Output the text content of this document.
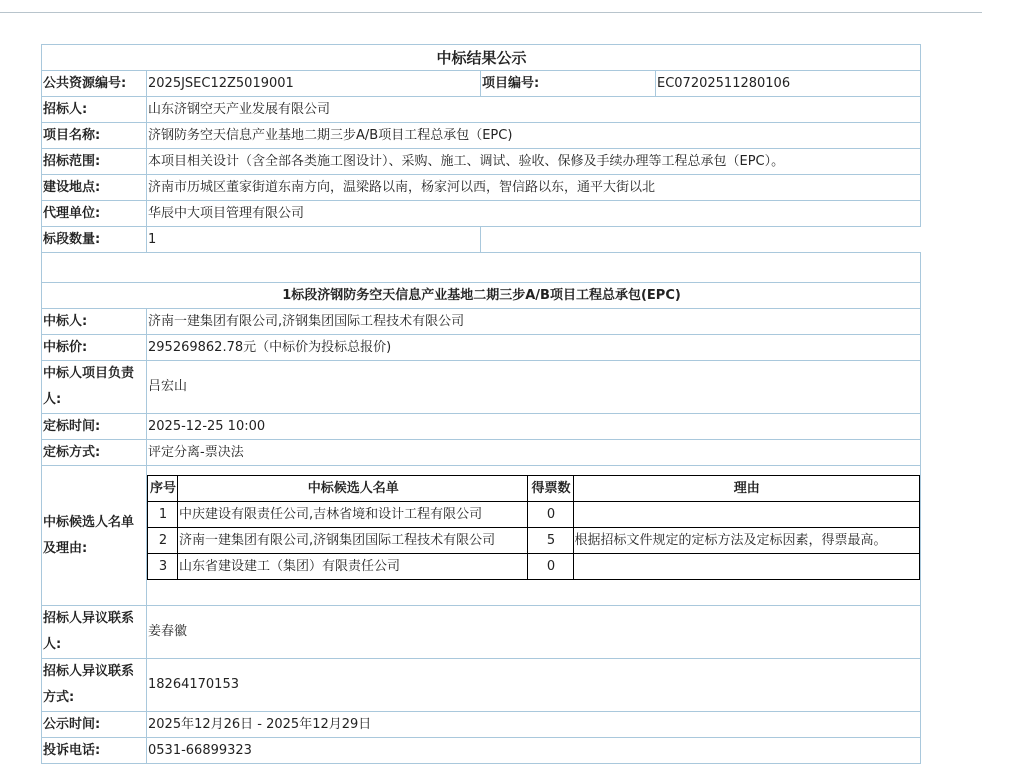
中标结果公示
公共资源编号:	2025JSEC12Z5019001	项目编号:	EC07202511280106
招标人:	山东济钢空天产业发展有限公司
项目名称:	济钢防务空天信息产业基地二期三步A/B项目工程总承包（EPC)
招标范围:	本项目相关设计（含全部各类施工图设计）、采购、施工、调试、验收、保修及手续办理等工程总承包（EPC）。
建设地点:	济南市历城区董家街道东南方向，温梁路以南，杨家河以西，智信路以东，通平大街以北
代理单位:	华辰中大项目管理有限公司
标段数量:	1	

1标段济钢防务空天信息产业基地二期三步A/B项目工程总承包(EPC)
中标人:	济南一建集团有限公司,济钢集团国际工程技术有限公司
中标价:	295269862.78元（中标价为投标总报价)
中标人项目负责人:	吕宏山
定标时间:	2025-12-25 10:00
定标方式:	评定分离-票决法
中标候选人名单及理由:	
序号	中标候选人名单	得票数	理由
1	中庆建设有限责任公司,吉林省境和设计工程有限公司	0	
2	济南一建集团有限公司,济钢集团国际工程技术有限公司	5	根据招标文件规定的定标方法及定标因素，得票最高。
3	山东省建设建工（集团）有限责任公司	0	

招标人异议联系人:	姜春徽
招标人异议联系方式:	18264170153
公示时间:	2025年12月26日 - 2025年12月29日
投诉电话:	0531-66899323
